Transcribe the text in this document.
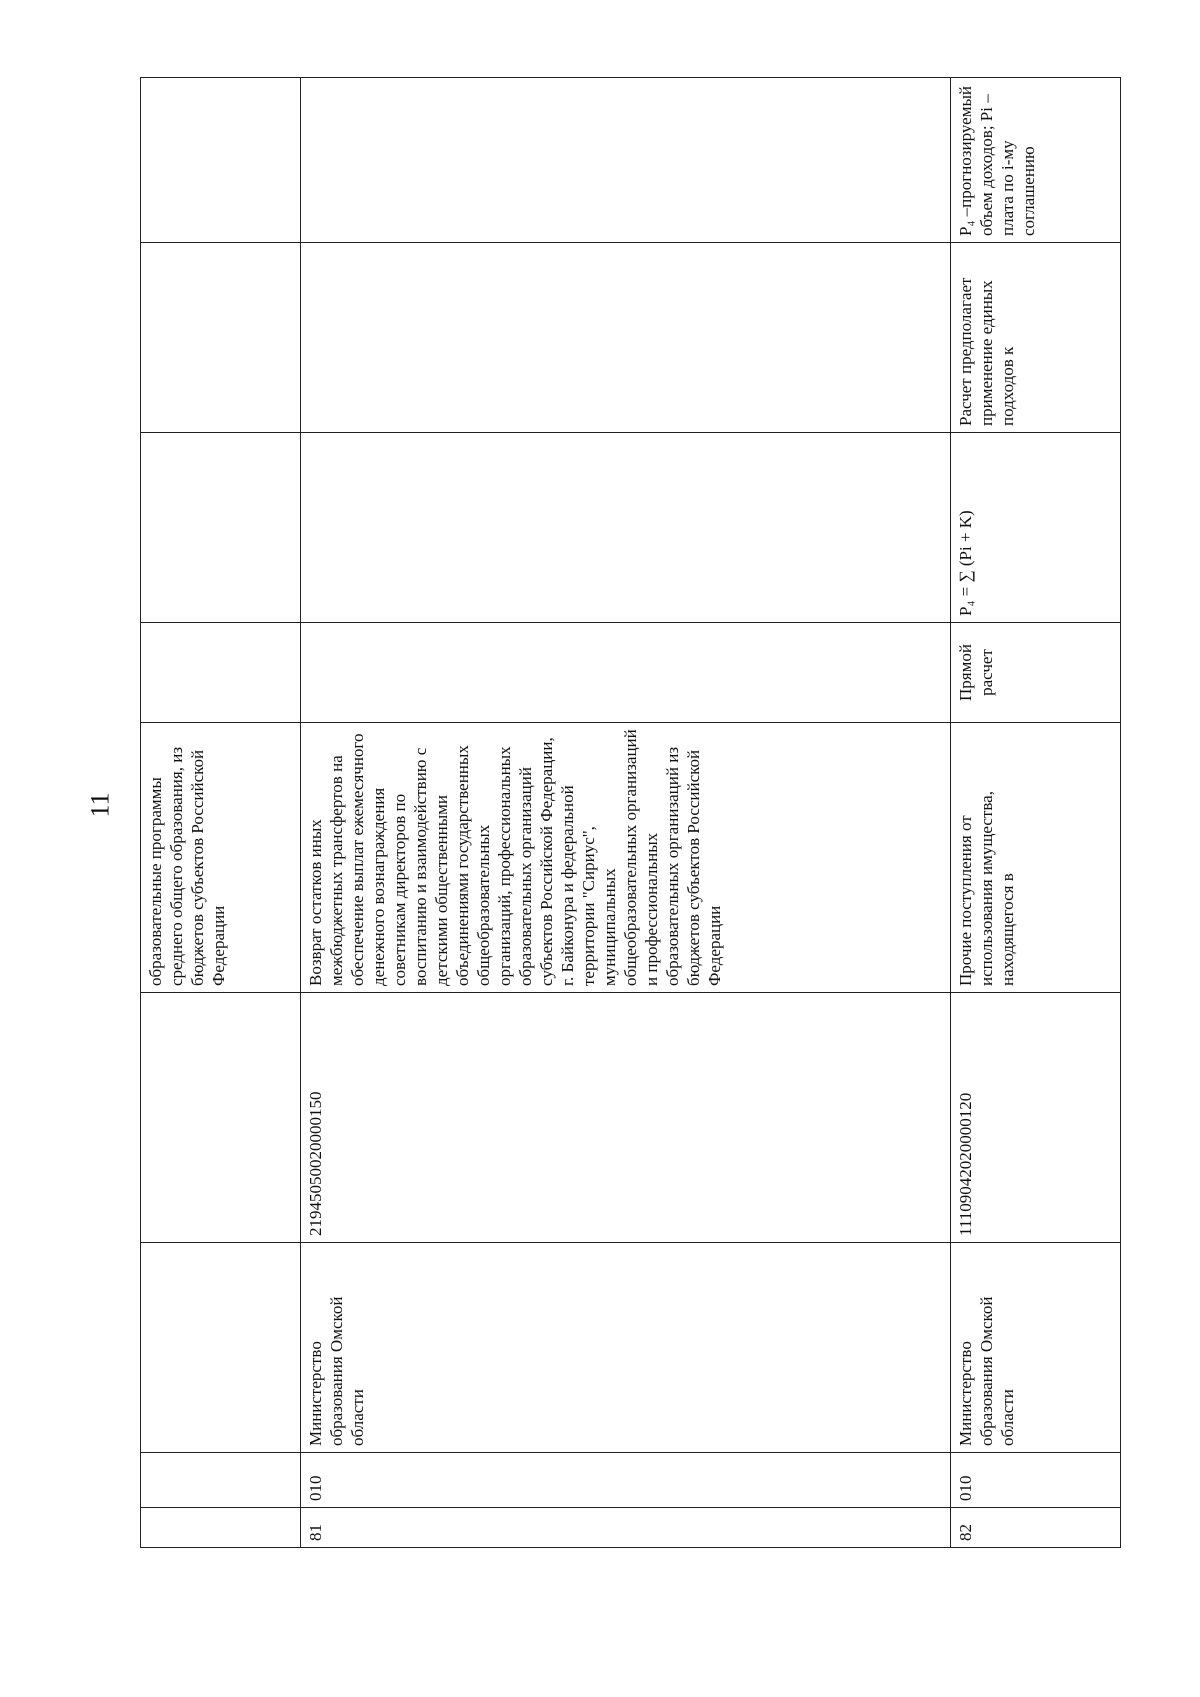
11
				образовательные программы среднего общего образования, из бюджетов субъектов Российской Федерации				
81	010	Министерство образования Омской области	21945050020000150	Возврат остатков иных межбюджетных трансфертов на обеспечение выплат ежемесячного денежного вознаграждения советникам директоров по воспитанию и взаимодействию с детскими общественными объединениями государственных общеобразовательных организаций, профессиональных образовательных организаций субъектов Российской Федерации, г. Байконура и федеральной территории "Сириус", муниципальных общеобразовательных организаций и профессиональных образовательных организаций из бюджетов субъектов Российской Федерации				
82	010	Министерство образования Омской области	11109042020000120	Прочие поступления от использования имущества, находящегося в	Прямой расчет	P₄ = ∑ (Pi + K)	Расчет предполагает применение единых подходов к	P₄ –прогнозируемый объем доходов; Pi – плата по i-му соглашению
